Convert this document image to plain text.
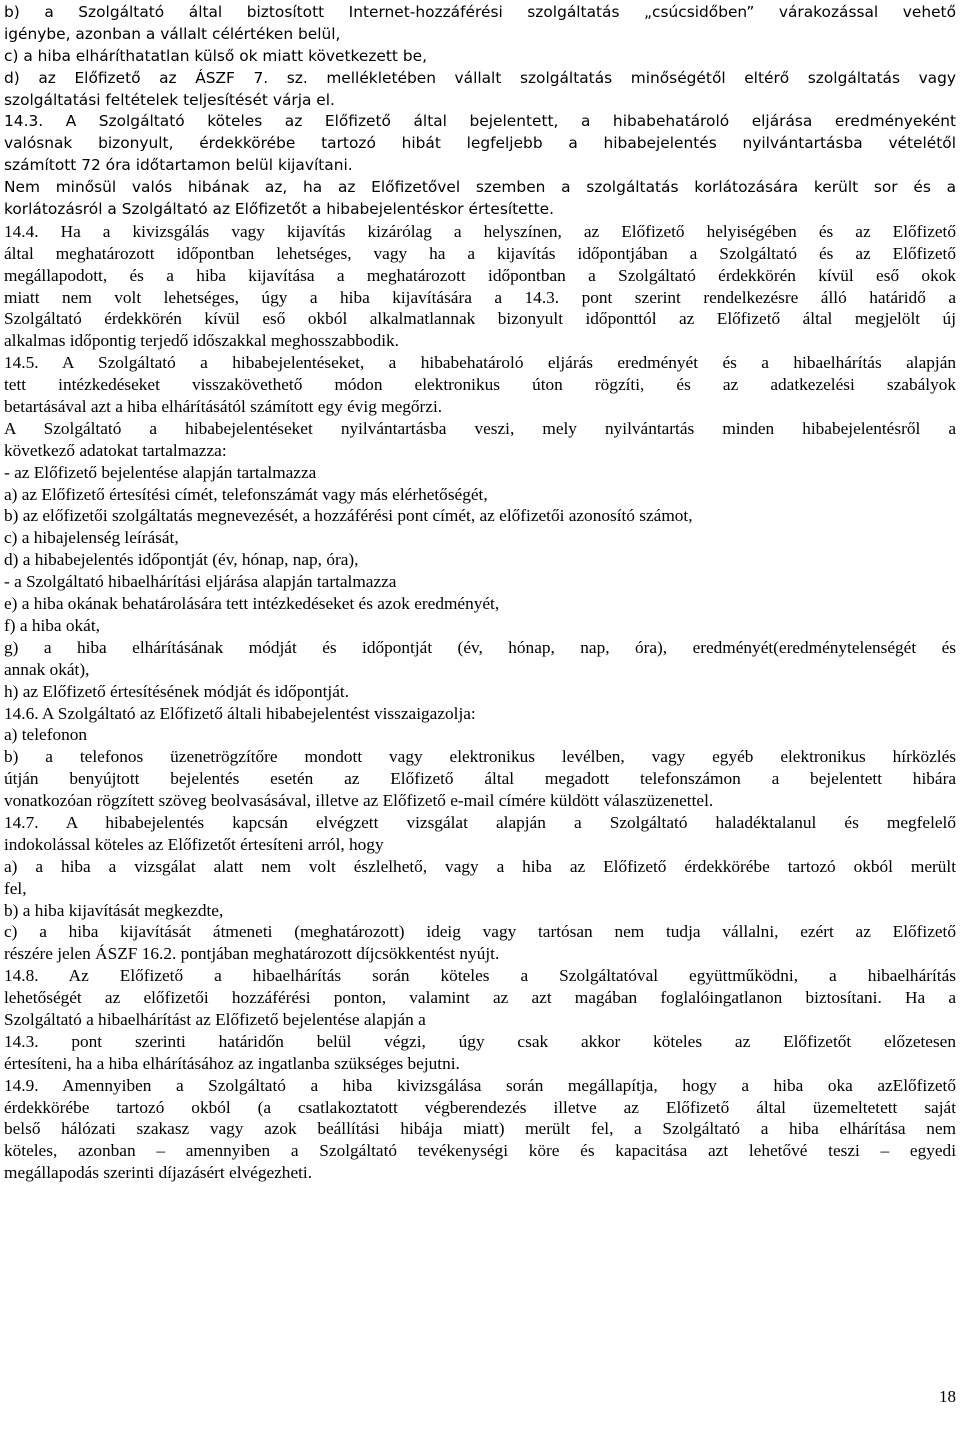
b) a Szolgáltató által biztosított Internet-hozzáférési szolgáltatás „csúcsidőben” várakozással vehető
igénybe, azonban a vállalt célértéken belül,
c) a hiba elháríthatatlan külső ok miatt következett be,
d) az Előfizető az ÁSZF 7. sz. mellékletében vállalt szolgáltatás minőségétől eltérő szolgáltatás vagy
szolgáltatási feltételek teljesítését várja el.
14.3. A Szolgáltató köteles az Előfizető által bejelentett, a hibabehatároló eljárása eredményeként
valósnak bizonyult, érdekkörébe tartozó hibát legfeljebb a hibabejelentés nyilvántartásba vételétől
számított 72 óra időtartamon belül kijavítani.
Nem minősül valós hibának az, ha az Előfizetővel szemben a szolgáltatás korlátozására került sor és a
korlátozásról a Szolgáltató az Előfizetőt a hibabejelentéskor értesítette.
14.4. Ha a kivizsgálás vagy kijavítás kizárólag a helyszínen, az Előfizető helyiségében és az Előfizető
által meghatározott időpontban lehetséges, vagy ha a kijavítás időpontjában a Szolgáltató és az Előfizető
megállapodott, és a hiba kijavítása a meghatározott időpontban a Szolgáltató érdekkörén kívül eső okok
miatt nem volt lehetséges, úgy a hiba kijavítására a 14.3. pont szerint rendelkezésre álló határidő a
Szolgáltató érdekkörén kívül eső okból alkalmatlannak bizonyult időponttól az Előfizető által megjelölt új
alkalmas időpontig terjedő időszakkal meghosszabbodik.
14.5. A Szolgáltató a hibabejelentéseket, a hibabehatároló eljárás eredményét és a hibaelhárítás alapján
tett intézkedéseket visszakövethető módon elektronikus úton rögzíti, és az adatkezelési szabályok
betartásával azt a hiba elhárításától számított egy évig megőrzi.
A Szolgáltató a hibabejelentéseket nyilvántartásba veszi, mely nyilvántartás minden hibabejelentésről a
következő adatokat tartalmazza:
- az Előfizető bejelentése alapján tartalmazza
a) az Előfizető értesítési címét, telefonszámát vagy más elérhetőségét,
b) az előfizetői szolgáltatás megnevezését, a hozzáférési pont címét, az előfizetői azonosító számot,
c) a hibajelenség leírását,
d) a hibabejelentés időpontját (év, hónap, nap, óra),
- a Szolgáltató hibaelhárítási eljárása alapján tartalmazza
e) a hiba okának behatárolására tett intézkedéseket és azok eredményét,
f) a hiba okát,
g) a hiba elhárításának módját és időpontját (év, hónap, nap, óra), eredményét(eredménytelenségét és
annak okát),
h) az Előfizető értesítésének módját és időpontját.
14.6. A Szolgáltató az Előfizető általi hibabejelentést visszaigazolja:
a) telefonon
b) a telefonos üzenetrögzítőre mondott vagy elektronikus levélben, vagy egyéb elektronikus hírközlés
útján benyújtott bejelentés esetén az Előfizető által megadott telefonszámon a bejelentett hibára
vonatkozóan rögzített szöveg beolvasásával, illetve az Előfizető e-mail címére küldött válaszüzenettel.
14.7. A hibabejelentés kapcsán elvégzett vizsgálat alapján a Szolgáltató haladéktalanul és megfelelő
indokolással köteles az Előfizetőt értesíteni arról, hogy
a) a hiba a vizsgálat alatt nem volt észlelhető, vagy a hiba az Előfizető érdekkörébe tartozó okból merült
fel,
b) a hiba kijavítását megkezdte,
c) a hiba kijavítását átmeneti (meghatározott) ideig vagy tartósan nem tudja vállalni, ezért az Előfizető
részére jelen ÁSZF 16.2. pontjában meghatározott díjcsökkentést nyújt.
14.8. Az Előfizető a hibaelhárítás során köteles a Szolgáltatóval együttműködni, a hibaelhárítás
lehetőségét az előfizetői hozzáférési ponton, valamint az azt magában foglalóingatlanon biztosítani. Ha a
Szolgáltató a hibaelhárítást az Előfizető bejelentése alapján a
14.3. pont szerinti határidőn belül végzi, úgy csak akkor köteles az Előfizetőt előzetesen
értesíteni, ha a hiba elhárításához az ingatlanba szükséges bejutni.
14.9. Amennyiben a Szolgáltató a hiba kivizsgálása során megállapítja, hogy a hiba oka azElőfizető
érdekkörébe tartozó okból (a csatlakoztatott végberendezés illetve az Előfizető által üzemeltetett saját
belső hálózati szakasz vagy azok beállítási hibája miatt) merült fel, a Szolgáltató a hiba elhárítása nem
köteles, azonban – amennyiben a Szolgáltató tevékenységi köre és kapacitása azt lehetővé teszi – egyedi
megállapodás szerinti díjazásért elvégezheti.
18
